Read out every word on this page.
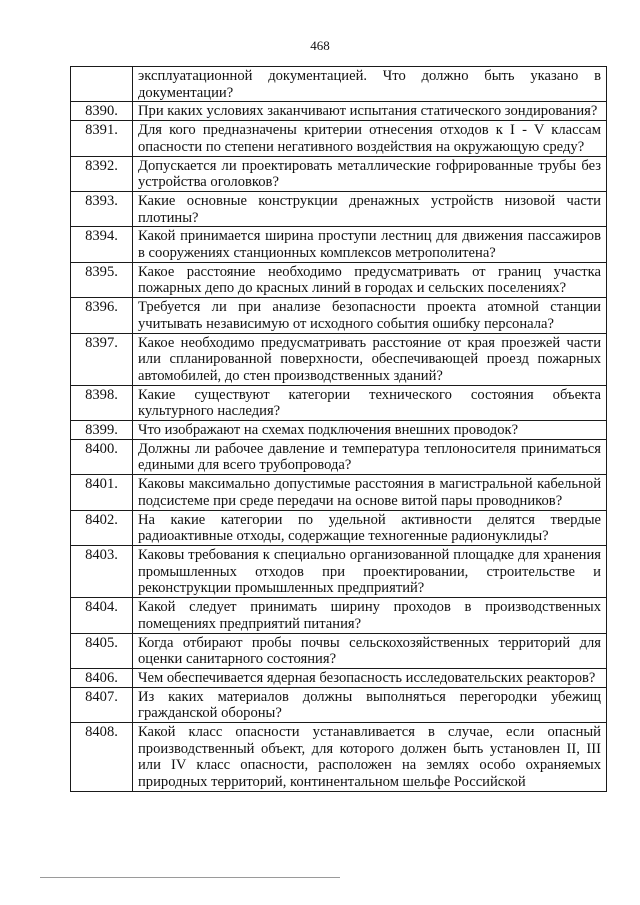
468
	эксплуатационной документацией. Что должно быть указано в документации?
8390.	При каких условиях заканчивают испытания статического зондирования?
8391.	Для кого предназначены критерии отнесения отходов к I - V классам опасности по степени негативного воздействия на окружающую среду?
8392.	Допускается ли проектировать металлические гофрированные трубы без устройства оголовков?
8393.	Какие основные конструкции дренажных устройств низовой части плотины?
8394.	Какой принимается ширина проступи лестниц для движения пассажиров в сооружениях станционных комплексов метрополитена?
8395.	Какое расстояние необходимо предусматривать от границ участка пожарных депо до красных линий в городах и сельских поселениях?
8396.	Требуется ли при анализе безопасности проекта атомной станции учитывать независимую от исходного события ошибку персонала?
8397.	Какое необходимо предусматривать расстояние от края проезжей части или спланированной поверхности, обеспечивающей проезд пожарных автомобилей, до стен производственных зданий?
8398.	Какие существуют категории технического состояния объекта культурного наследия?
8399.	Что изображают на схемах подключения внешних проводок?
8400.	Должны ли рабочее давление и температура теплоносителя приниматься едиными для всего трубопровода?
8401.	Каковы максимально допустимые расстояния в магистральной кабельной подсистеме при среде передачи на основе витой пары проводников?
8402.	На какие категории по удельной активности делятся твердые радиоактивные отходы, содержащие техногенные радионуклиды?
8403.	Каковы требования к специально организованной площадке для хранения промышленных отходов при проектировании, строительстве и реконструкции промышленных предприятий?
8404.	Какой следует принимать ширину проходов в производственных помещениях предприятий питания?
8405.	Когда отбирают пробы почвы сельскохозяйственных территорий для оценки санитарного состояния?
8406.	Чем обеспечивается ядерная безопасность исследовательских реакторов?
8407.	Из каких материалов должны выполняться перегородки убежищ гражданской обороны?
8408.	Какой класс опасности устанавливается в случае, если опасный производственный объект, для которого должен быть установлен II, III или IV класс опасности, расположен на землях особо охраняемых природных территорий, континентальном шельфе Российской
